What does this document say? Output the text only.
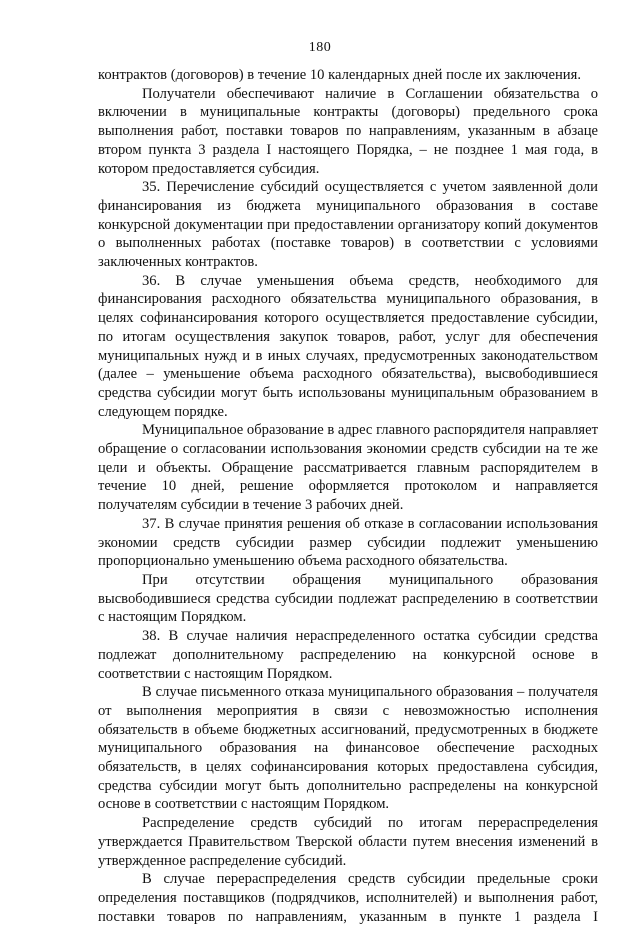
180

контрактов (договоров) в течение 10 календарных дней после их заключения.

Получатели обеспечивают наличие в Соглашении обязательства о включении в муниципальные контракты (договоры) предельного срока выполнения работ, поставки товаров по направлениям, указанным в абзаце втором пункта 3 раздела I настоящего Порядка, – не позднее 1 мая года, в котором предоставляется субсидия.

35. Перечисление субсидий осуществляется с учетом заявленной доли финансирования из бюджета муниципального образования в составе конкурсной документации при предоставлении организатору копий документов о выполненных работах (поставке товаров) в соответствии с условиями заключенных контрактов.

36. В случае уменьшения объема средств, необходимого для финансирования расходного обязательства муниципального образования, в целях софинансирования которого осуществляется предоставление субсидии, по итогам осуществления закупок товаров, работ, услуг для обеспечения муниципальных нужд и в иных случаях, предусмотренных законодательством (далее – уменьшение объема расходного обязательства), высвободившиеся средства субсидии могут быть использованы муниципальным образованием в следующем порядке.

Муниципальное образование в адрес главного распорядителя направляет обращение о согласовании использования экономии средств субсидии на те же цели и объекты. Обращение рассматривается главным распорядителем в течение 10 дней, решение оформляется протоколом и направляется получателям субсидии в течение 3 рабочих дней.

37. В случае принятия решения об отказе в согласовании использования экономии средств субсидии размер субсидии подлежит уменьшению пропорционально уменьшению объема расходного обязательства.

При отсутствии обращения муниципального образования высвободившиеся средства субсидии подлежат распределению в соответствии с настоящим Порядком.

38. В случае наличия нераспределенного остатка субсидии средства подлежат дополнительному распределению на конкурсной основе в соответствии с настоящим Порядком.

В случае письменного отказа муниципального образования – получателя от выполнения мероприятия в связи с невозможностью исполнения обязательств в объеме бюджетных ассигнований, предусмотренных в бюджете муниципального образования на финансовое обеспечение расходных обязательств, в целях софинансирования которых предоставлена субсидия, средства субсидии могут быть дополнительно распределены на конкурсной основе в соответствии с настоящим Порядком.

Распределение средств субсидий по итогам перераспределения утверждается Правительством Тверской области путем внесения изменений в утвержденное распределение субсидий.

В случае перераспределения средств субсидии предельные сроки определения поставщиков (подрядчиков, исполнителей) и выполнения работ, поставки товаров по направлениям, указанным в пункте 1 раздела I
